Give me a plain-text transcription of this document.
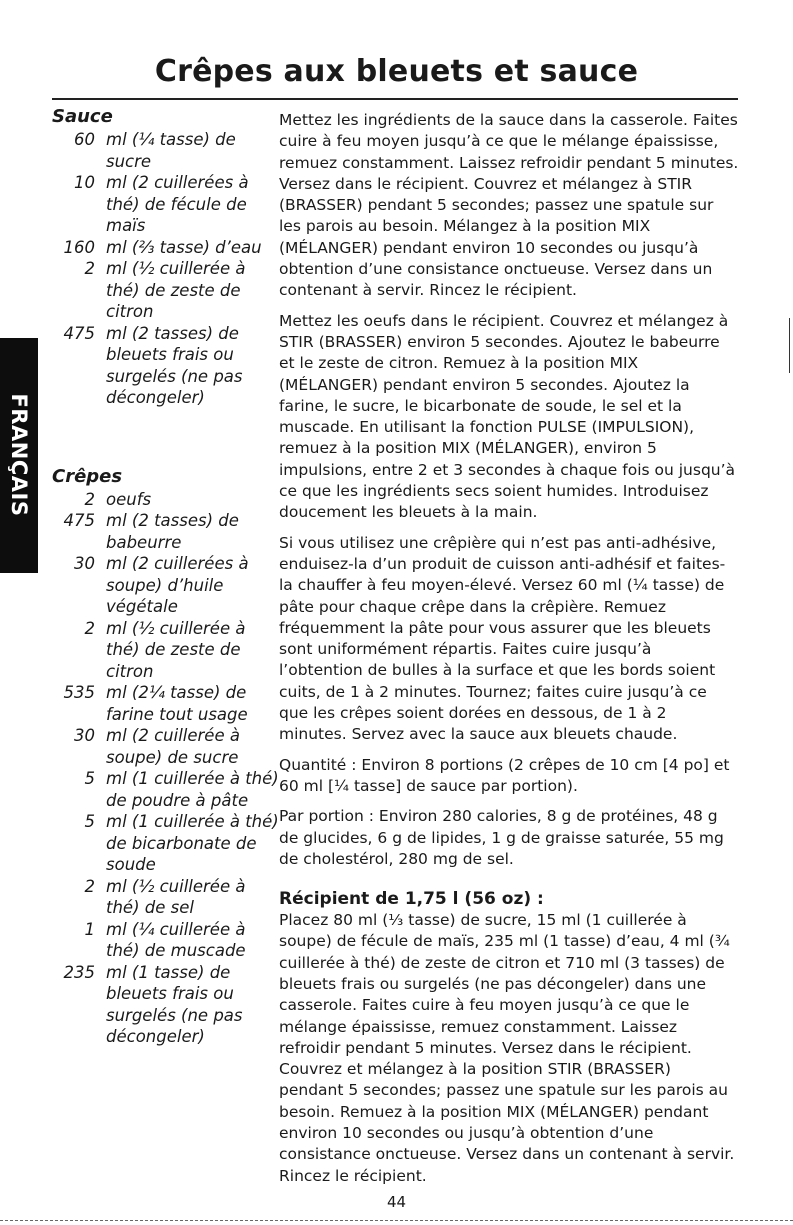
Crêpes aux bleuets et sauce
FRANÇAIS
Sauce
60 ml (¼ tasse) de sucre
10 ml (2 cuillerées à thé) de fécule de maïs
160 ml (⅔ tasse) d’eau
2 ml (½ cuillerée à thé) de zeste de citron
475 ml (2 tasses) de bleuets frais ou surgelés (ne pas décongeler)
Crêpes
2 oeufs
475 ml (2 tasses) de babeurre
30 ml (2 cuillerées à soupe) d’huile végétale
2 ml (½ cuillerée à thé) de zeste de citron
535 ml (2¼ tasse) de farine tout usage
30 ml (2 cuillerée à soupe) de sucre
5 ml (1 cuillerée à thé) de poudre à pâte
5 ml (1 cuillerée à thé) de bicarbonate de soude
2 ml (½ cuillerée à thé) de sel
1 ml (¼ cuillerée à thé) de muscade
235 ml (1 tasse) de bleuets frais ou surgelés (ne pas décongeler)

Mettez les ingrédients de la sauce dans la casserole. Faites cuire à feu moyen jusqu’à ce que le mélange épaississe, remuez constamment. Laissez refroidir pendant 5 minutes. Versez dans le récipient. Couvrez et mélangez à STIR (BRASSER) pendant 5 secondes; passez une spatule sur les parois au besoin. Mélangez à la position MIX (MÉLANGER) pendant environ 10 secondes ou jusqu’à obtention d’une consistance onctueuse. Versez dans un contenant à servir. Rincez le récipient.

Mettez les oeufs dans le récipient. Couvrez et mélangez à STIR (BRASSER) environ 5 secondes. Ajoutez le babeurre et le zeste de citron. Remuez à la position MIX (MÉLANGER) pendant environ 5 secondes. Ajoutez la farine, le sucre, le bicarbonate de soude, le sel et la muscade. En utilisant la fonction PULSE (IMPULSION), remuez à la position MIX (MÉLANGER), environ 5 impulsions, entre 2 et 3 secondes à chaque fois ou jusqu’à ce que les ingrédients secs soient humides. Introduisez doucement les bleuets à la main.

Si vous utilisez une crêpière qui n’est pas anti-adhésive, enduisez-la d’un produit de cuisson anti-adhésif et faites-la chauffer à feu moyen-élevé. Versez 60 ml (¼ tasse) de pâte pour chaque crêpe dans la crêpière. Remuez fréquemment la pâte pour vous assurer que les bleuets sont uniformément répartis. Faites cuire jusqu’à l’obtention de bulles à la surface et que les bords soient cuits, de 1 à 2 minutes. Tournez; faites cuire jusqu’à ce que les crêpes soient dorées en dessous, de 1 à 2 minutes. Servez avec la sauce aux bleuets chaude.

Quantité : Environ 8 portions (2 crêpes de 10 cm [4 po] et 60 ml [¼ tasse] de sauce par portion).

Par portion : Environ 280 calories, 8 g de protéines, 48 g de glucides, 6 g de lipides, 1 g de graisse saturée, 55 mg de cholestérol, 280 mg de sel.

Récipient de 1,75 l (56 oz) :

Placez 80 ml (⅓ tasse) de sucre, 15 ml (1 cuillerée à soupe) de fécule de maïs, 235 ml (1 tasse) d’eau, 4 ml (¾ cuillerée à thé) de zeste de citron et 710 ml (3 tasses) de bleuets frais ou surgelés (ne pas décongeler) dans une casserole. Faites cuire à feu moyen jusqu’à ce que le mélange épaississe, remuez constamment. Laissez refroidir pendant 5 minutes. Versez dans le récipient. Couvrez et mélangez à la position STIR (BRASSER) pendant 5 secondes; passez une spatule sur les parois au besoin. Remuez à la position MIX (MÉLANGER) pendant environ 10 secondes ou jusqu’à obtention d’une consistance onctueuse. Versez dans un contenant à servir. Rincez le récipient.

44
